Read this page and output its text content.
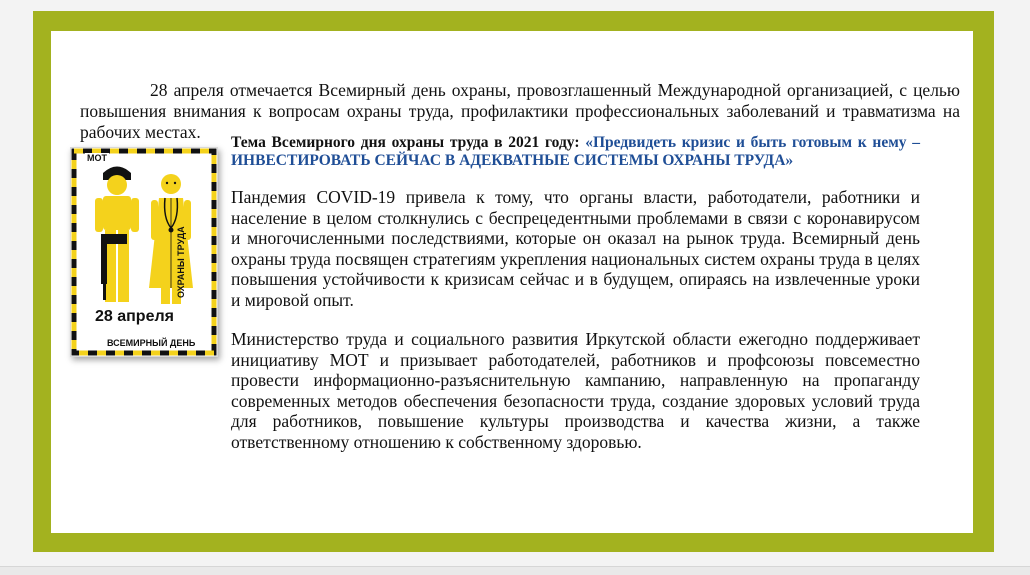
28 апреля отмечается Всемирный день охраны, провозглашенный Международной организацией, с целью повышения внимания к вопросам охраны труда, профилактики профессиональных заболеваний и травматизма на рабочих местах.

МОТ
28 апреля
ОХРАНЫ ТРУДА
ВСЕМИРНЫЙ ДЕНЬ

Тема Всемирного дня охраны труда в 2021 году: «Предвидеть кризис и быть готовым к нему – ИНВЕСТИРОВАТЬ СЕЙЧАС В АДЕКВАТНЫЕ СИСТЕМЫ ОХРАНЫ ТРУДА»

Пандемия COVID-19 привела к тому, что органы власти, работодатели, работники и население в целом столкнулись с беспрецедентными проблемами в связи с коронавирусом и многочисленными последствиями, которые он оказал на рынок труда. Всемирный день охраны труда посвящен стратегиям укрепления национальных систем охраны труда в целях повышения устойчивости к кризисам сейчас и в будущем, опираясь на извлеченные уроки и мировой опыт.

Министерство труда и социального развития Иркутской области ежегодно поддерживает инициативу МОТ и призывает работодателей, работников и профсоюзы повсеместно провести информационно-разъяснительную кампанию, направленную на пропаганду современных методов обеспечения безопасности труда, создание здоровых условий труда для работников, повышение культуры производства и качества жизни, а также ответственному отношению к собственному здоровью.
